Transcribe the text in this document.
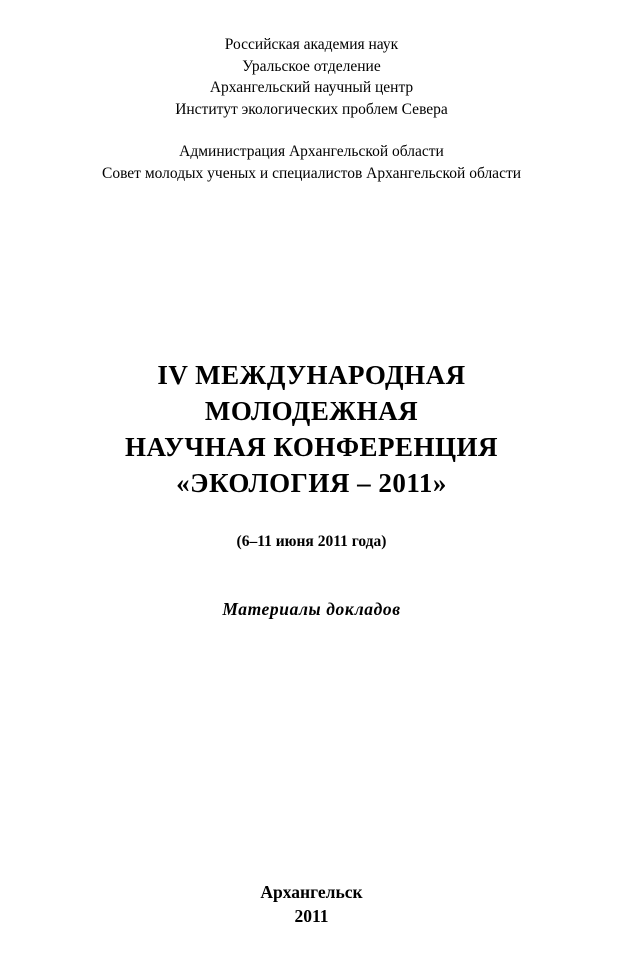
Российская академия наук
Уральское отделение
Архангельский научный центр
Институт экологических проблем Севера
Администрация Архангельской области
Совет молодых ученых и специалистов Архангельской области
IV МЕЖДУНАРОДНАЯ
МОЛОДЕЖНАЯ
НАУЧНАЯ КОНФЕРЕНЦИЯ
«ЭКОЛОГИЯ – 2011»
(6–11 июня 2011 года)
Материалы докладов
Архангельск
2011
